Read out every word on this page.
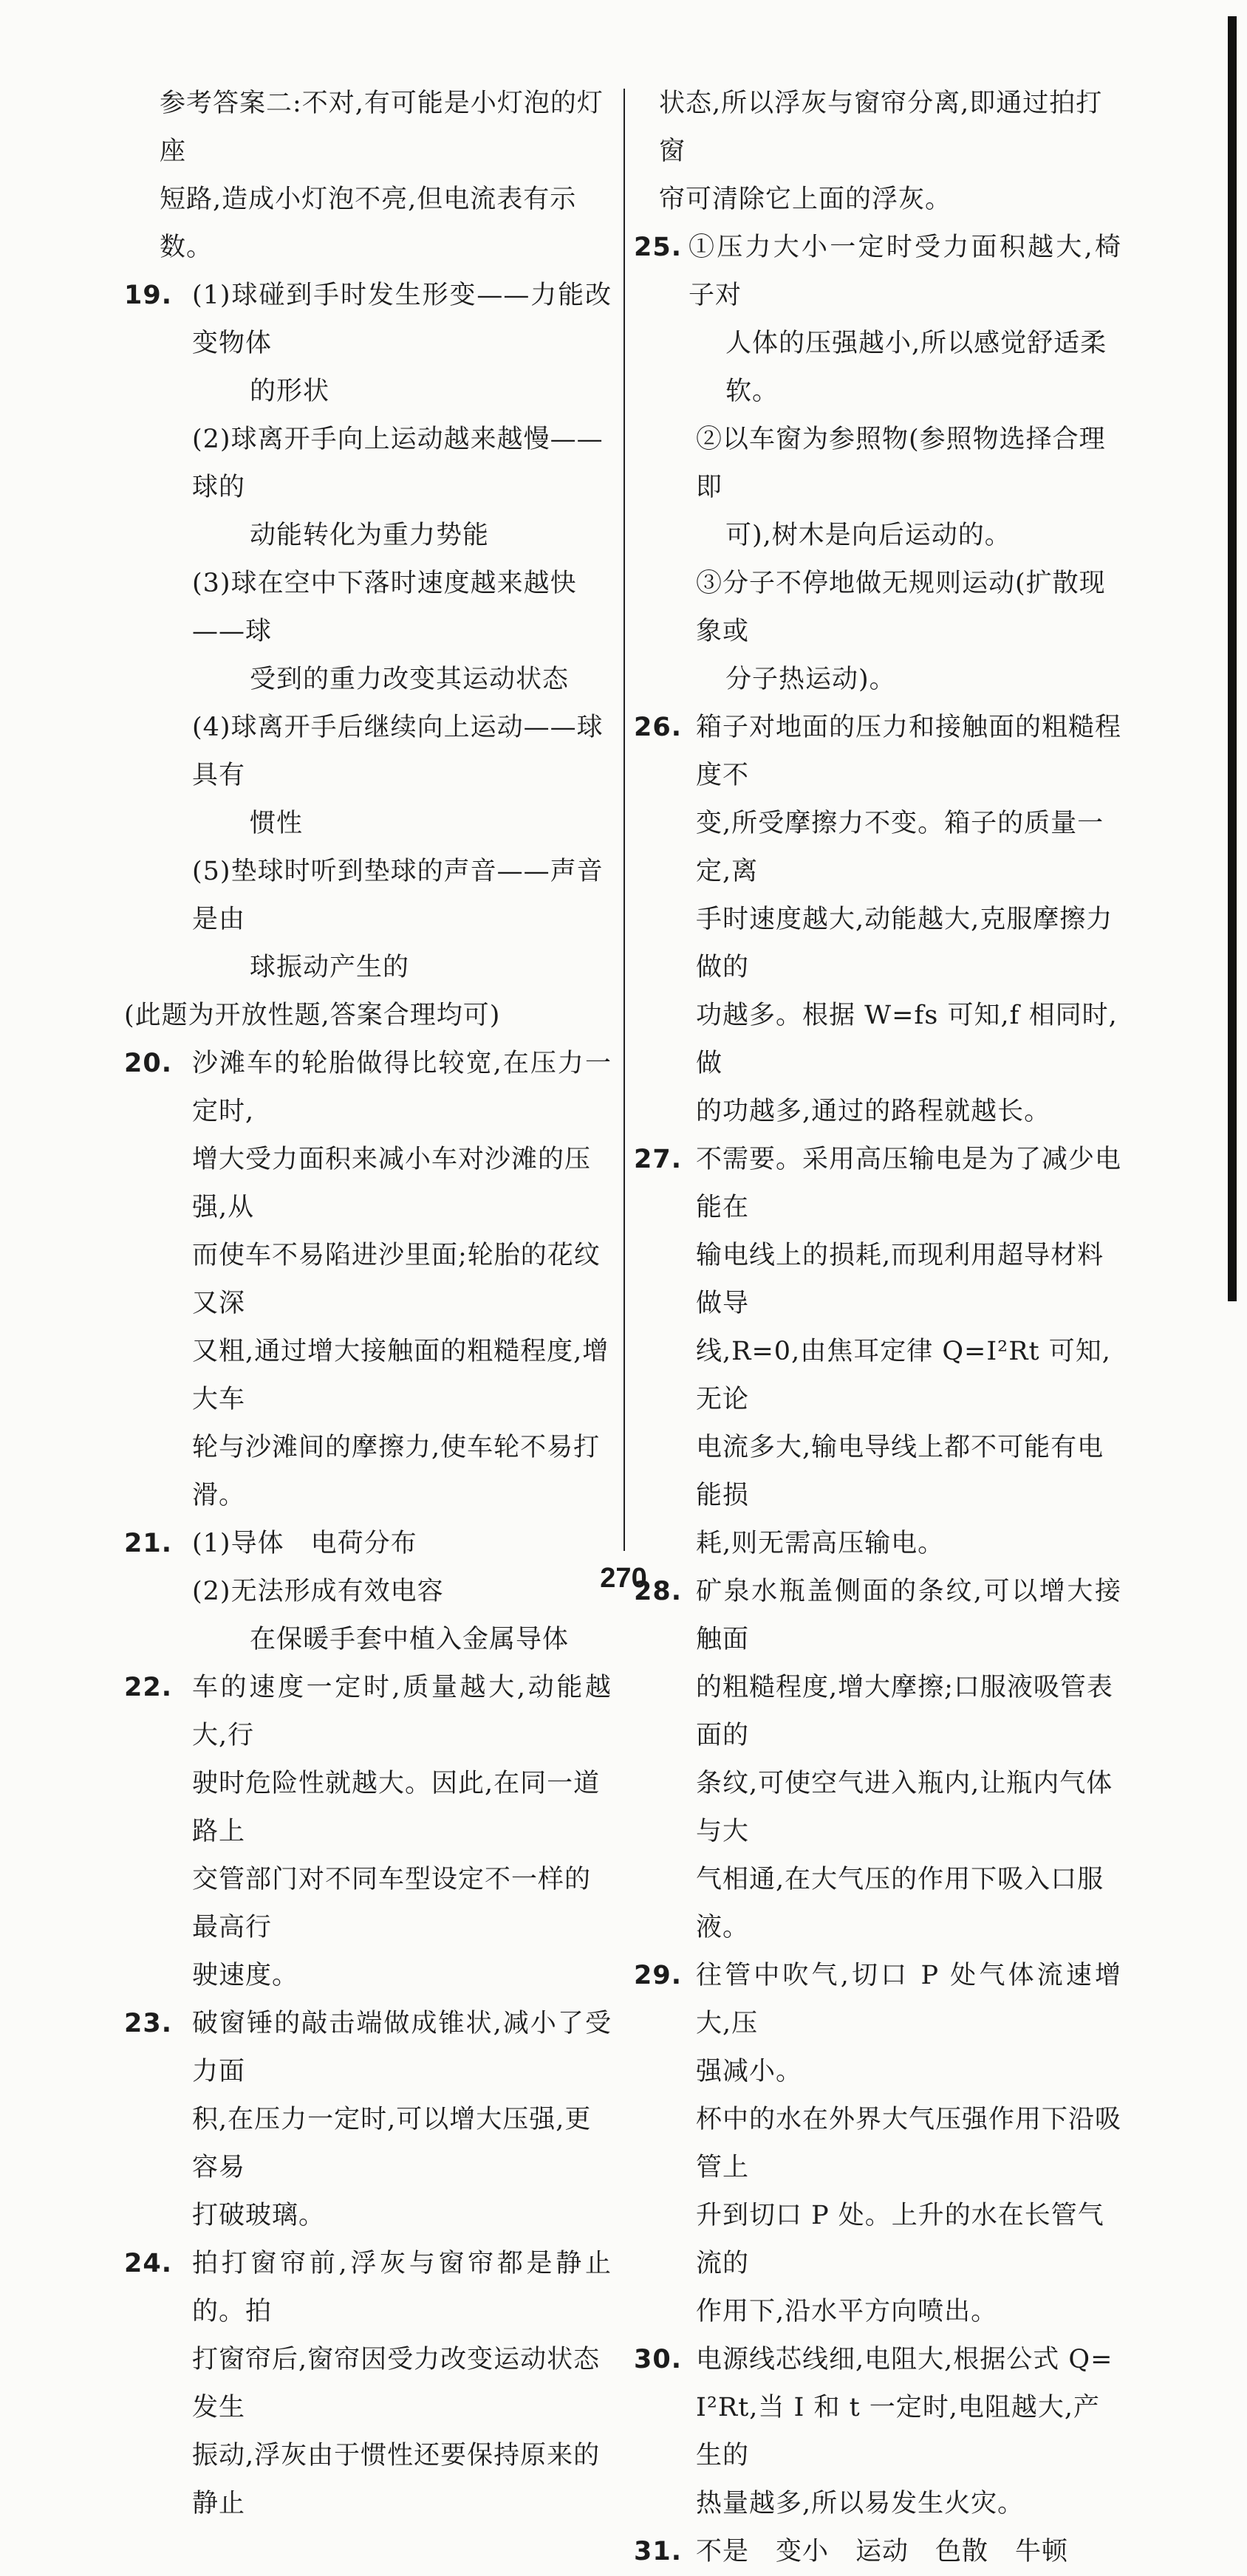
参考答案二:不对,有可能是小灯泡的灯座
短路,造成小灯泡不亮,但电流表有示数。
19. (1)球碰到手时发生形变——力能改变物体
的形状
(2)球离开手向上运动越来越慢——球的
动能转化为重力势能
(3)球在空中下落时速度越来越快——球
受到的重力改变其运动状态
(4)球离开手后继续向上运动——球具有
惯性
(5)垫球时听到垫球的声音——声音是由
球振动产生的
(此题为开放性题,答案合理均可)
20. 沙滩车的轮胎做得比较宽,在压力一定时,
增大受力面积来减小车对沙滩的压强,从
而使车不易陷进沙里面;轮胎的花纹又深
又粗,通过增大接触面的粗糙程度,增大车
轮与沙滩间的摩擦力,使车轮不易打滑。
21. (1)导体　电荷分布
(2)无法形成有效电容
在保暖手套中植入金属导体
22. 车的速度一定时,质量越大,动能越大,行
驶时危险性就越大。因此,在同一道路上
交管部门对不同车型设定不一样的最高行
驶速度。
23. 破窗锤的敲击端做成锥状,减小了受力面
积,在压力一定时,可以增大压强,更容易
打破玻璃。
24. 拍打窗帘前,浮灰与窗帘都是静止的。拍
打窗帘后,窗帘因受力改变运动状态发生
振动,浮灰由于惯性还要保持原来的静止
状态,所以浮灰与窗帘分离,即通过拍打窗
帘可清除它上面的浮灰。
25. ①压力大小一定时受力面积越大,椅子对
人体的压强越小,所以感觉舒适柔软。
②以车窗为参照物(参照物选择合理即
可),树木是向后运动的。
③分子不停地做无规则运动(扩散现象或
分子热运动)。
26. 箱子对地面的压力和接触面的粗糙程度不
变,所受摩擦力不变。箱子的质量一定,离
手时速度越大,动能越大,克服摩擦力做的
功越多。根据 W=fs 可知,f 相同时,做
的功越多,通过的路程就越长。
27. 不需要。采用高压输电是为了减少电能在
输电线上的损耗,而现利用超导材料做导
线,R=0,由焦耳定律 Q=I²Rt 可知,无论
电流多大,输电导线上都不可能有电能损
耗,则无需高压输电。
28. 矿泉水瓶盖侧面的条纹,可以增大接触面
的粗糙程度,增大摩擦;口服液吸管表面的
条纹,可使空气进入瓶内,让瓶内气体与大
气相通,在大气压的作用下吸入口服液。
29. 往管中吹气,切口 P 处气体流速增大,压
强减小。
杯中的水在外界大气压强作用下沿吸管上
升到切口 P 处。上升的水在长管气流的
作用下,沿水平方向喷出。
30. 电源线芯线细,电阻大,根据公式 Q=
I²Rt,当 I 和 t 一定时,电阻越大,产生的
热量越多,所以易发生火灾。
31. 不是　变小　运动　色散　牛顿
270
